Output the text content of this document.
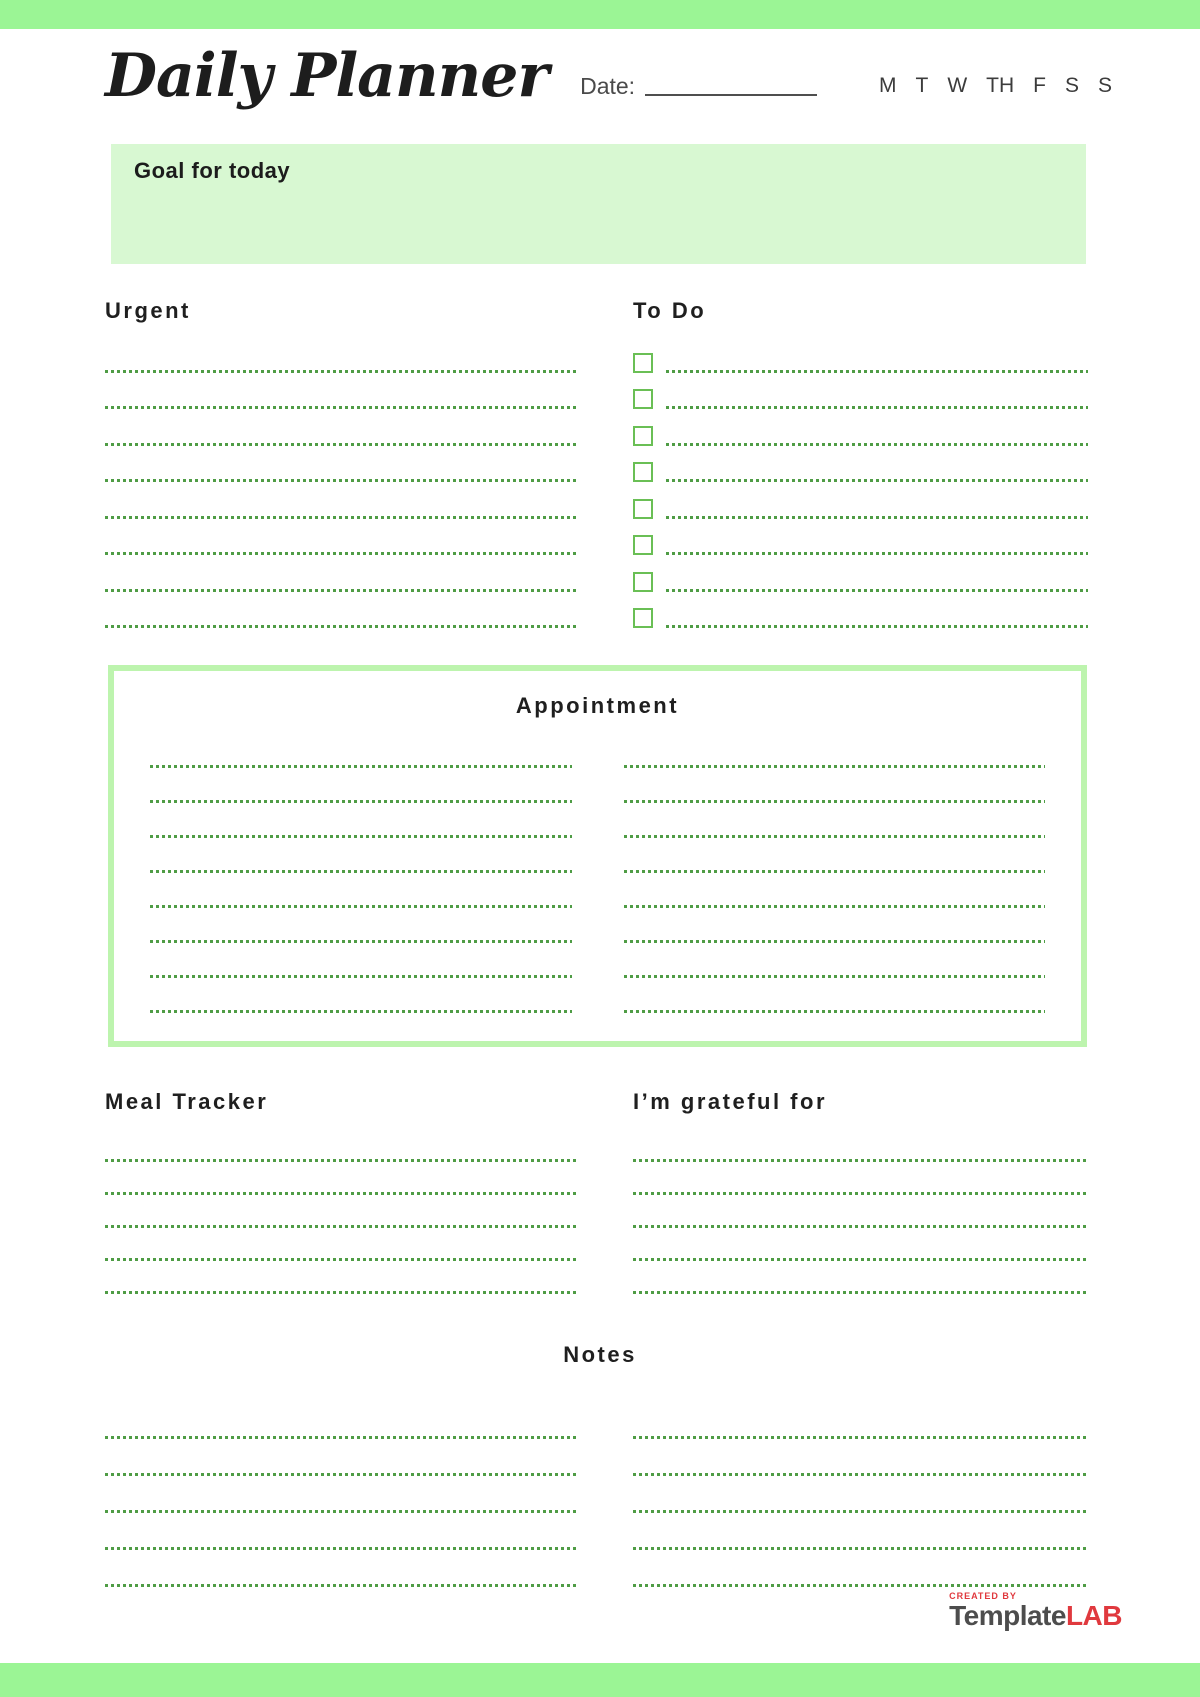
Daily Planner Date:	M T W TH F S S
Goal for today
Urgent	To Do
Appointment
Meal Tracker	I’m grateful for
Notes
CREATED BY
TemplateLAB
